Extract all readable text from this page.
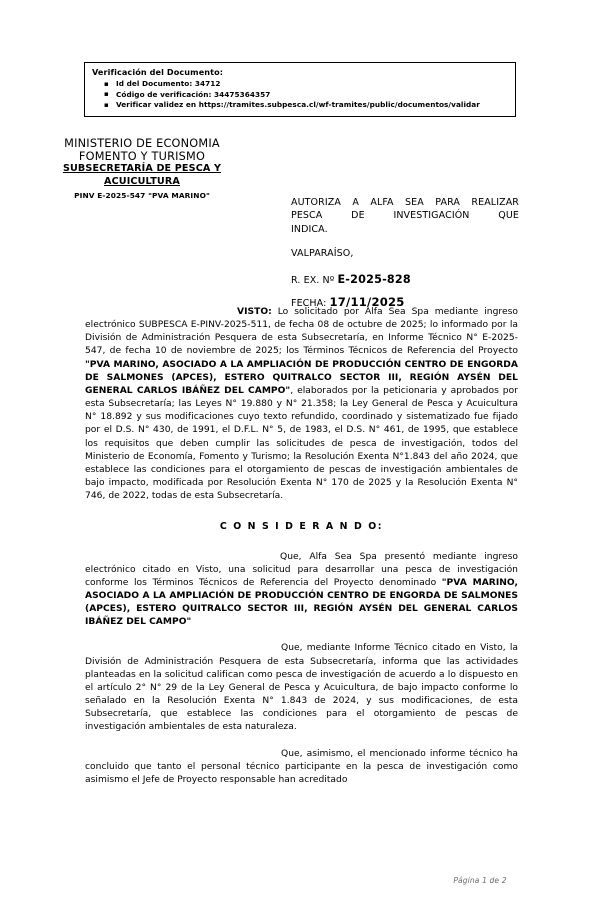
Verificación del Documento:
▪ Id del Documento: 34712
▪ Código de verificación: 34475364357
▪ Verificar validez en https://tramites.subpesca.cl/wf-tramites/public/documentos/validar
MINISTERIO DE ECONOMIA
FOMENTO Y TURISMO
SUBSECRETARÍA DE PESCA Y
ACUICULTURA
PINV E-2025-547 "PVA MARINO"
AUTORIZA A ALFA SEA PARA REALIZAR
PESCA DE INVESTIGACIÓN QUE
INDICA.
VALPARAÍSO,
R. EX. Nº E-2025-828
FECHA: 17/11/2025

VISTO: Lo solicitado por Alfa Sea Spa mediante ingreso electrónico SUBPESCA E-PINV-2025-511, de fecha 08 de octubre de 2025; lo informado por la División de Administración Pesquera de esta Subsecretaría, en Informe Técnico N° E-2025-547, de fecha 10 de noviembre de 2025; los Términos Técnicos de Referencia del Proyecto "PVA MARINO, ASOCIADO A LA AMPLIACIÓN DE PRODUCCIÓN CENTRO DE ENGORDA DE SALMONES (APCES), ESTERO QUITRALCO SECTOR III, REGIÓN AYSÉN DEL GENERAL CARLOS IBÁÑEZ DEL CAMPO", elaborados por la peticionaria y aprobados por esta Subsecretaría; las Leyes N° 19.880 y N° 21.358; la Ley General de Pesca y Acuicultura N° 18.892 y sus modificaciones cuyo texto refundido, coordinado y sistematizado fue fijado por el D.S. N° 430, de 1991, el D.F.L. N° 5, de 1983, el D.S. N° 461, de 1995, que establece los requisitos que deben cumplir las solicitudes de pesca de investigación, todos del Ministerio de Economía, Fomento y Turismo; la Resolución Exenta N°1.843 del año 2024, que establece las condiciones para el otorgamiento de pescas de investigación ambientales de bajo impacto, modificada por Resolución Exenta N° 170 de 2025 y la Resolución Exenta N° 746, de 2022, todas de esta Subsecretaría.

C O N S I D E R A N D O:

Que, Alfa Sea Spa presentó mediante ingreso electrónico citado en Visto, una solicitud para desarrollar una pesca de investigación conforme los Términos Técnicos de Referencia del Proyecto denominado "PVA MARINO, ASOCIADO A LA AMPLIACIÓN DE PRODUCCIÓN CENTRO DE ENGORDA DE SALMONES (APCES), ESTERO QUITRALCO SECTOR III, REGIÓN AYSÉN DEL GENERAL CARLOS IBÁÑEZ DEL CAMPO"

Que, mediante Informe Técnico citado en Visto, la División de Administración Pesquera de esta Subsecretaría, informa que las actividades planteadas en la solicitud califican como pesca de investigación de acuerdo a lo dispuesto en el artículo 2° N° 29 de la Ley General de Pesca y Acuicultura, de bajo impacto conforme lo señalado en la Resolución Exenta N° 1.843 de 2024, y sus modificaciones, de esta Subsecretaría, que establece las condiciones para el otorgamiento de pescas de investigación ambientales de esta naturaleza.

Que, asimismo, el mencionado informe técnico ha concluido que tanto el personal técnico participante en la pesca de investigación como asimismo el Jefe de Proyecto responsable han acreditado

Página 1 de 2
